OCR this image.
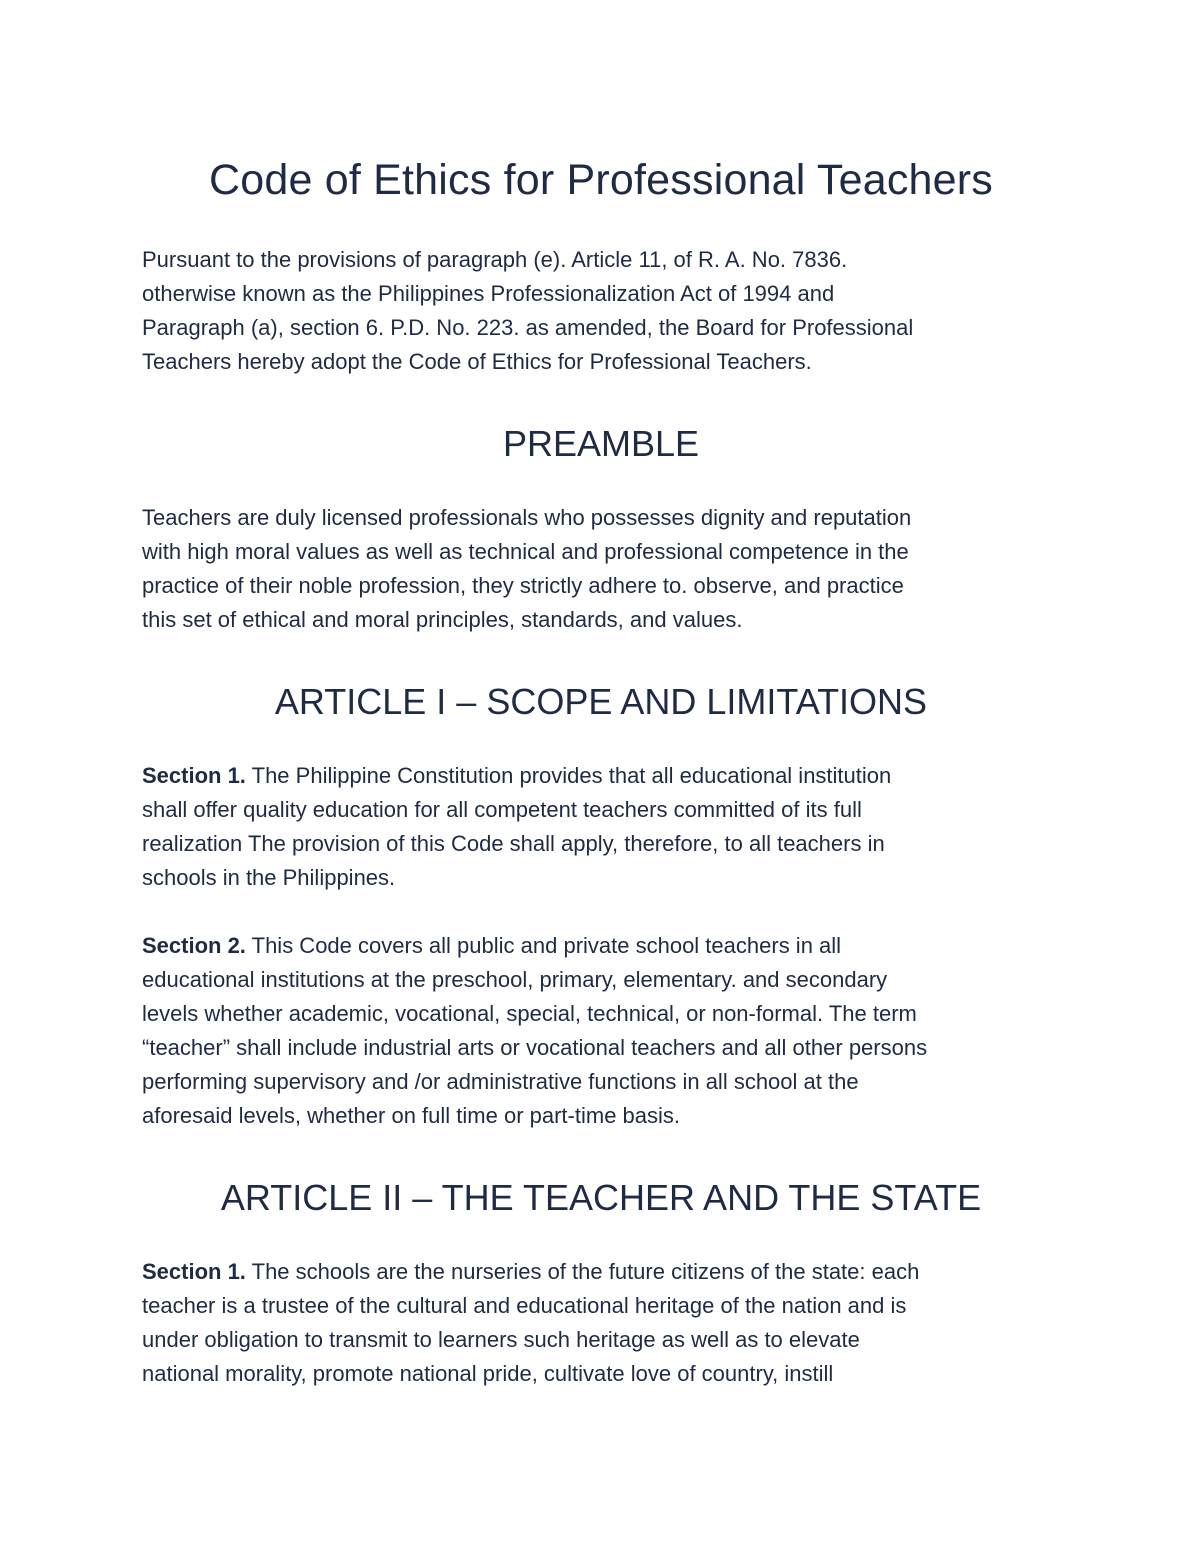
Code of Ethics for Professional Teachers

Pursuant to the provisions of paragraph (e). Article 11, of R. A. No. 7836.
otherwise known as the Philippines Professionalization Act of 1994 and
Paragraph (a), section 6. P.D. No. 223. as amended, the Board for Professional
Teachers hereby adopt the Code of Ethics for Professional Teachers.

PREAMBLE

Teachers are duly licensed professionals who possesses dignity and reputation
with high moral values as well as technical and professional competence in the
practice of their noble profession, they strictly adhere to. observe, and practice
this set of ethical and moral principles, standards, and values.

ARTICLE I – SCOPE AND LIMITATIONS

Section 1. The Philippine Constitution provides that all educational institution
shall offer quality education for all competent teachers committed of its full
realization The provision of this Code shall apply, therefore, to all teachers in
schools in the Philippines.

Section 2. This Code covers all public and private school teachers in all
educational institutions at the preschool, primary, elementary. and secondary
levels whether academic, vocational, special, technical, or non-formal. The term
“teacher” shall include industrial arts or vocational teachers and all other persons
performing supervisory and /or administrative functions in all school at the
aforesaid levels, whether on full time or part-time basis.

ARTICLE II – THE TEACHER AND THE STATE

Section 1. The schools are the nurseries of the future citizens of the state: each
teacher is a trustee of the cultural and educational heritage of the nation and is
under obligation to transmit to learners such heritage as well as to elevate
national morality, promote national pride, cultivate love of country, instill
